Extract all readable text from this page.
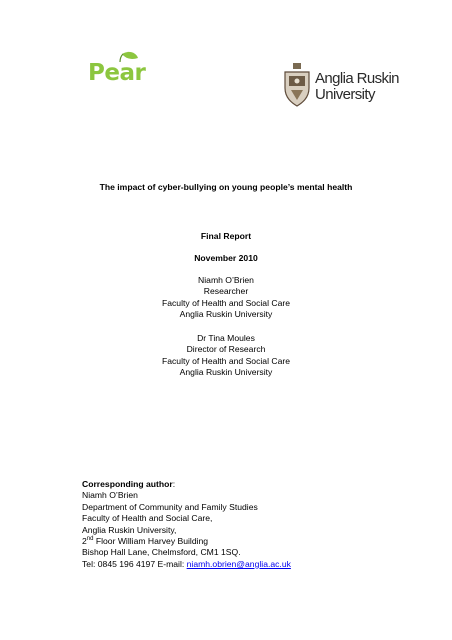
Pear	Anglia Ruskin
University
The impact of cyber-bullying on young people’s mental health
Final Report
November 2010
Niamh O’Brien
Researcher
Faculty of Health and Social Care
Anglia Ruskin University
Dr Tina Moules
Director of Research
Faculty of Health and Social Care
Anglia Ruskin University
Corresponding author:
Niamh O’Brien
Department of Community and Family Studies
Faculty of Health and Social Care,
Anglia Ruskin University,
2nd Floor William Harvey Building
Bishop Hall Lane, Chelmsford, CM1 1SQ.
Tel: 0845 196 4197 E-mail: niamh.obrien@anglia.ac.uk
